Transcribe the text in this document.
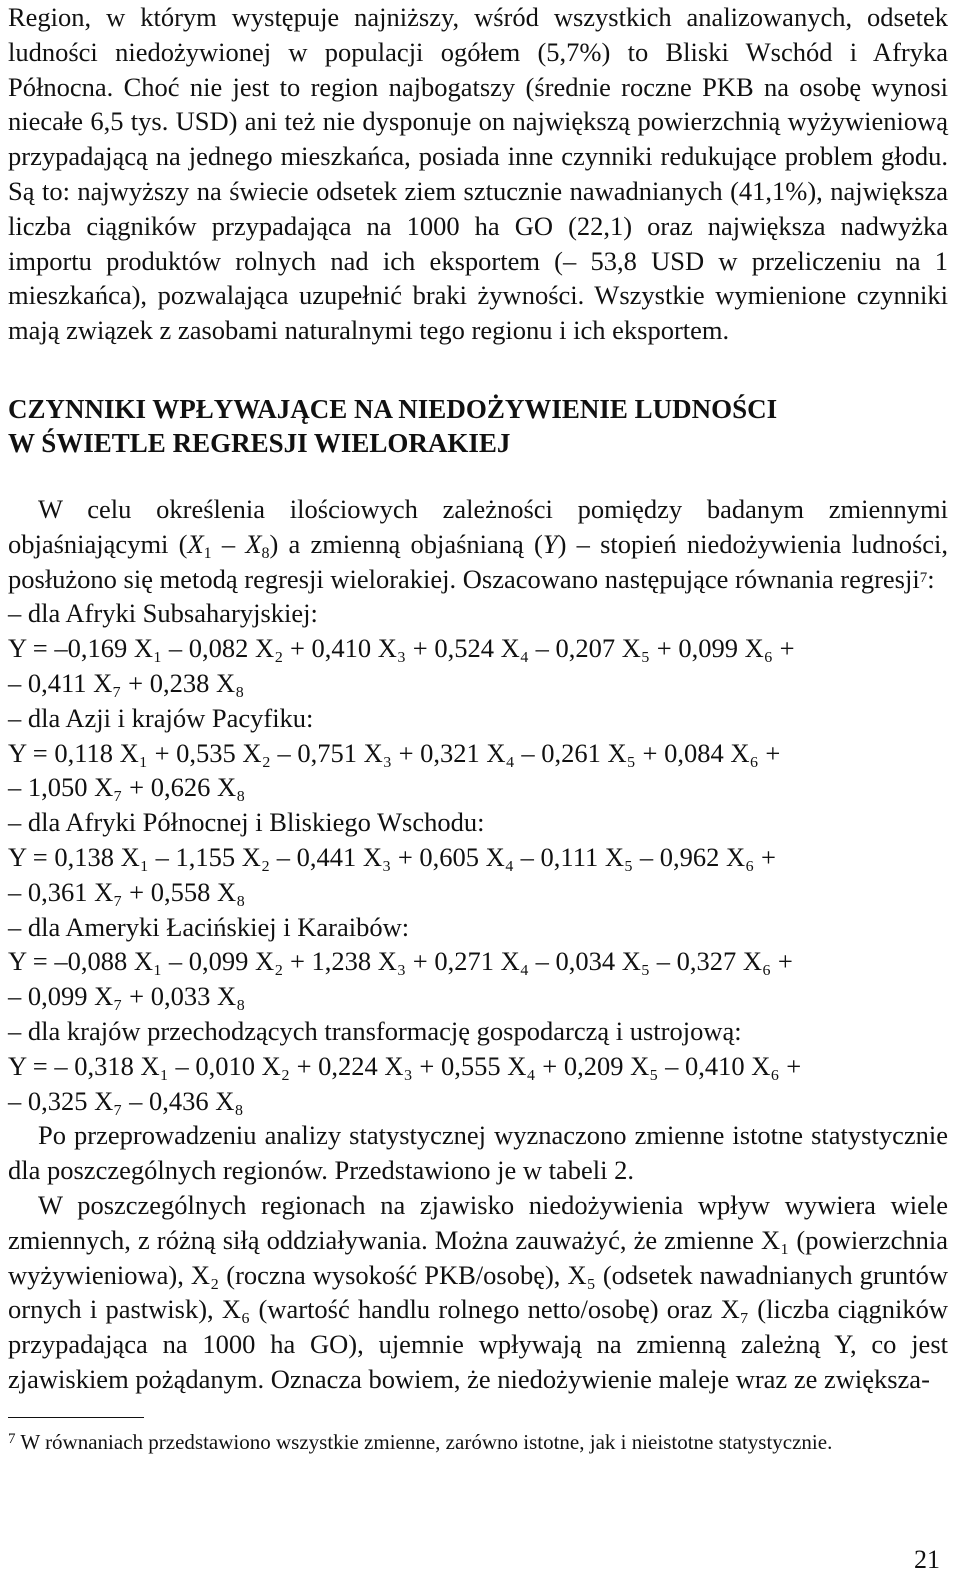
Region, w którym występuje najniższy, wśród wszystkich analizowanych, odsetek ludności niedożywionej w populacji ogółem (5,7%) to Bliski Wschód i Afryka Północna. Choć nie jest to region najbogatszy (średnie roczne PKB na osobę wynosi niecałe 6,5 tys. USD) ani też nie dysponuje on największą powierzchnią wyżywieniową przypadającą na jednego mieszkańca, posiada inne czynniki redukujące problem głodu. Są to: najwyższy na świecie odsetek ziem sztucznie nawadnianych (41,1%), największa liczba ciągników przypadająca na 1000 ha GO (22,1) oraz największa nadwyżka importu produktów rolnych nad ich eksportem (– 53,8 USD w przeliczeniu na 1 mieszkańca), pozwalająca uzupełnić braki żywności. Wszystkie wymienione czynniki mają związek z zasobami naturalnymi tego regionu i ich eksportem.

CZYNNIKI WPŁYWAJĄCE NA NIEDOŻYWIENIE LUDNOŚCI
W ŚWIETLE REGRESJI WIELORAKIEJ

W celu określenia ilościowych zależności pomiędzy badanym zmiennymi objaśniającymi $(X_1 - X_8)$ a zmienną objaśnianą (Y) – stopień niedożywienia ludności, posłużono się metodą regresji wielorakiej. Oszacowano następujące równania regresji$^7$:

– dla Afryki Subsaharyjskiej:
Y = –0,169 X₁ – 0,082 X₂ + 0,410 X₃ + 0,524 X₄ – 0,207 X₅ + 0,099 X₆ +
– 0,411 X₇ + 0,238 X₈
– dla Azji i krajów Pacyfiku:
Y = 0,118 X₁ + 0,535 X₂ – 0,751 X₃ + 0,321 X₄ – 0,261 X₅ + 0,084 X₆ +
– 1,050 X₇ + 0,626 X₈
– dla Afryki Północnej i Bliskiego Wschodu:
Y = 0,138 X₁ – 1,155 X₂ – 0,441 X₃ + 0,605 X₄ – 0,111 X₅ – 0,962 X₆ +
– 0,361 X₇ + 0,558 X₈
– dla Ameryki Łacińskiej i Karaibów:
Y = –0,088 X₁ – 0,099 X₂ + 1,238 X₃ + 0,271 X₄ – 0,034 X₅ – 0,327 X₆ +
– 0,099 X₇ + 0,033 X₈
– dla krajów przechodzących transformację gospodarczą i ustrojową:
Y = – 0,318 X₁ – 0,010 X₂ + 0,224 X₃ + 0,555 X₄ + 0,209 X₅ – 0,410 X₆ +
– 0,325 X₇ – 0,436 X₈

Po przeprowadzeniu analizy statystycznej wyznaczono zmienne istotne statystycznie dla poszczególnych regionów. Przedstawiono je w tabeli 2.

W poszczególnych regionach na zjawisko niedożywienia wpływ wywiera wiele zmiennych, z różną siłą oddziaływania. Można zauważyć, że zmienne X₁ (powierzchnia wyżywieniowa), X₂ (roczna wysokość PKB/osobę), X₅ (odsetek nawadnianych gruntów ornych i pastwisk), X₆ (wartość handlu rolnego netto/osobę) oraz X₇ (liczba ciągników przypadająca na 1000 ha GO), ujemnie wpływają na zmienną zależną Y, co jest zjawiskiem pożądanym. Oznacza bowiem, że niedożywienie maleje wraz ze zwiększa-

$^7$ W równaniach przedstawiono wszystkie zmienne, zarówno istotne, jak i nieistotne statystycznie.

21
